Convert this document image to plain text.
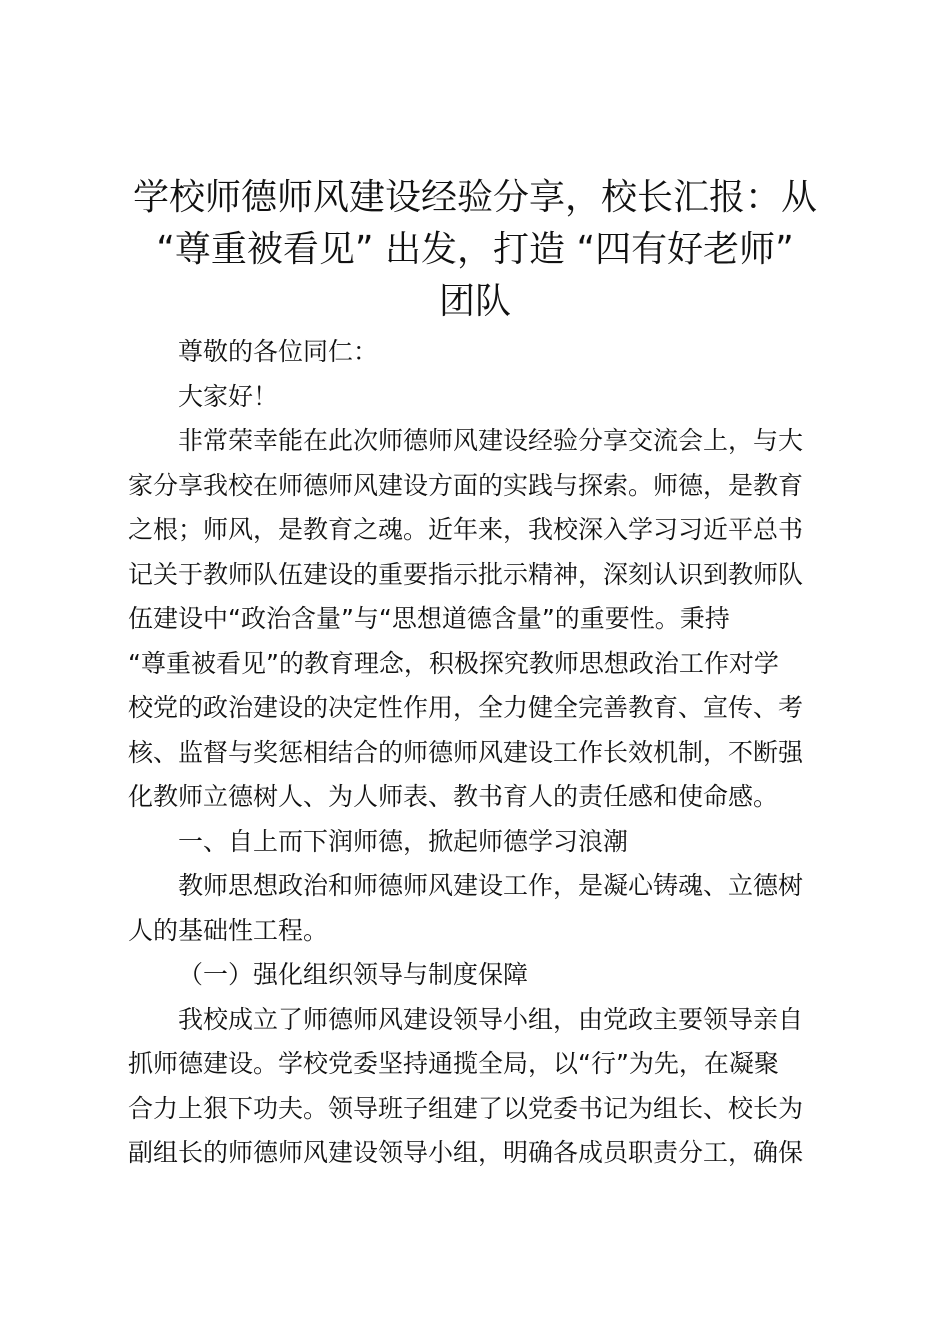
学校师德师风建设经验分享，校长汇报：从
“尊重被看见” 出发，打造 “四有好老师”
团队
尊敬的各位同仁：
大家好！
非常荣幸能在此次师德师风建设经验分享交流会上，与大
家分享我校在师德师风建设方面的实践与探索。师德，是教育
之根；师风，是教育之魂。近年来，我校深入学习习近平总书
记关于教师队伍建设的重要指示批示精神，深刻认识到教师队
伍建设中“政治含量”与“思想道德含量”的重要性。秉持
“尊重被看见”的教育理念，积极探究教师思想政治工作对学
校党的政治建设的决定性作用，全力健全完善教育、宣传、考
核、监督与奖惩相结合的师德师风建设工作长效机制，不断强
化教师立德树人、为人师表、教书育人的责任感和使命感。
一、自上而下润师德，掀起师德学习浪潮
教师思想政治和师德师风建设工作，是凝心铸魂、立德树
人的基础性工程。
（一）强化组织领导与制度保障
我校成立了师德师风建设领导小组，由党政主要领导亲自
抓师德建设。学校党委坚持通揽全局，以“行”为先，在凝聚
合力上狠下功夫。领导班子组建了以党委书记为组长、校长为
副组长的师德师风建设领导小组，明确各成员职责分工，确保
